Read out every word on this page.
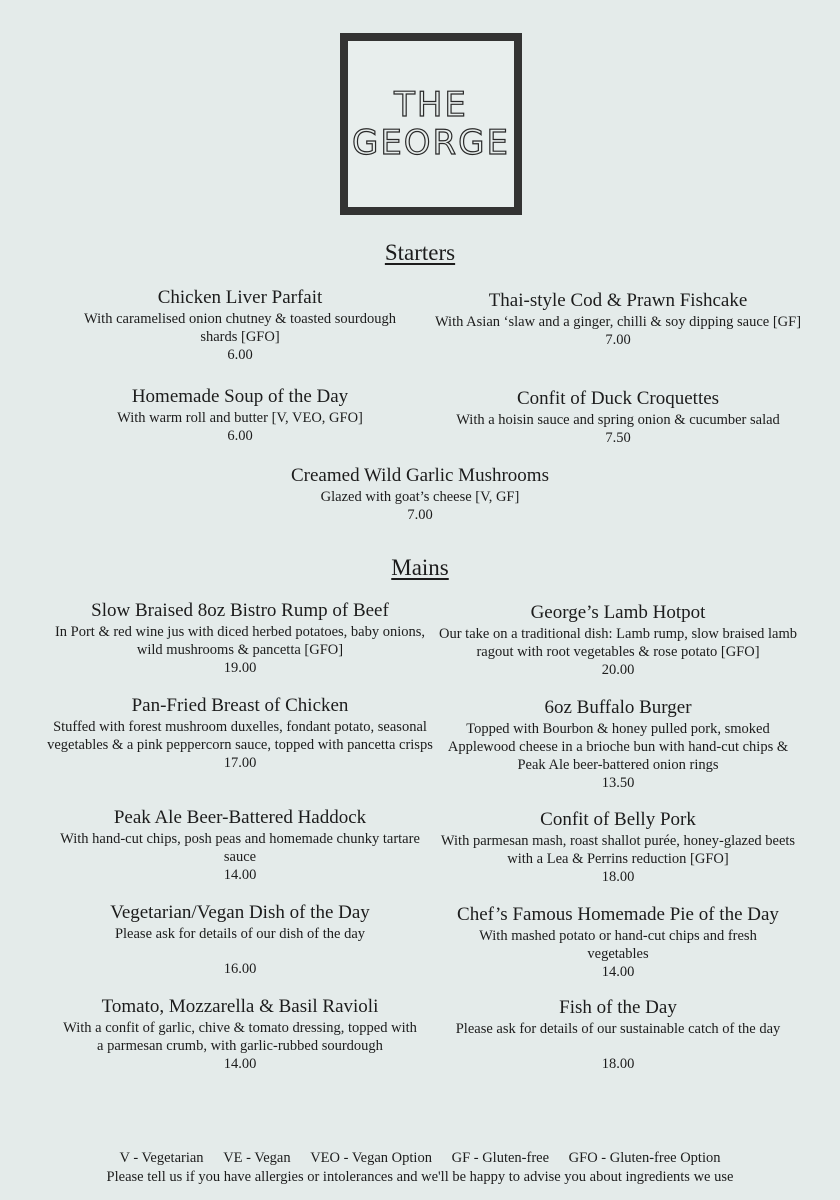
THE
GEORGE
Starters
Chicken Liver Parfait
With caramelised onion chutney & toasted sourdough shards [GFO]
6.00
Thai-style Cod & Prawn Fishcake
With Asian ‘slaw and a ginger, chilli & soy dipping sauce [GF]
7.00
Homemade Soup of the Day
With warm roll and butter [V, VEO, GFO]
6.00
Confit of Duck Croquettes
With a hoisin sauce and spring onion & cucumber salad
7.50
Creamed Wild Garlic Mushrooms
Glazed with goat’s cheese [V, GF]
7.00
Mains
Slow Braised 8oz Bistro Rump of Beef
In Port & red wine jus with diced herbed potatoes, baby onions, wild mushrooms & pancetta [GFO]
19.00
George’s Lamb Hotpot
Our take on a traditional dish: Lamb rump, slow braised lamb ragout with root vegetables & rose potato [GFO]
20.00
Pan-Fried Breast of Chicken
Stuffed with forest mushroom duxelles, fondant potato, seasonal vegetables & a pink peppercorn sauce, topped with pancetta crisps
17.00
6oz Buffalo Burger
Topped with Bourbon & honey pulled pork, smoked Applewood cheese in a brioche bun with hand-cut chips & Peak Ale beer-battered onion rings
13.50
Peak Ale Beer-Battered Haddock
With hand-cut chips, posh peas and homemade chunky tartare sauce
14.00
Confit of Belly Pork
With parmesan mash, roast shallot purée, honey-glazed beets with a Lea & Perrins reduction [GFO]
18.00
Vegetarian/Vegan Dish of the Day
Please ask for details of our dish of the day
16.00
Chef’s Famous Homemade Pie of the Day
With mashed potato or hand-cut chips and fresh vegetables
14.00
Tomato, Mozzarella & Basil Ravioli
With a confit of garlic, chive & tomato dressing, topped with a parmesan crumb, with garlic-rubbed sourdough
14.00
Fish of the Day
Please ask for details of our sustainable catch of the day
18.00
V - Vegetarian VE - Vegan VEO - Vegan Option GF - Gluten-free GFO - Gluten-free Option
Please tell us if you have allergies or intolerances and we'll be happy to advise you about ingredients we use
